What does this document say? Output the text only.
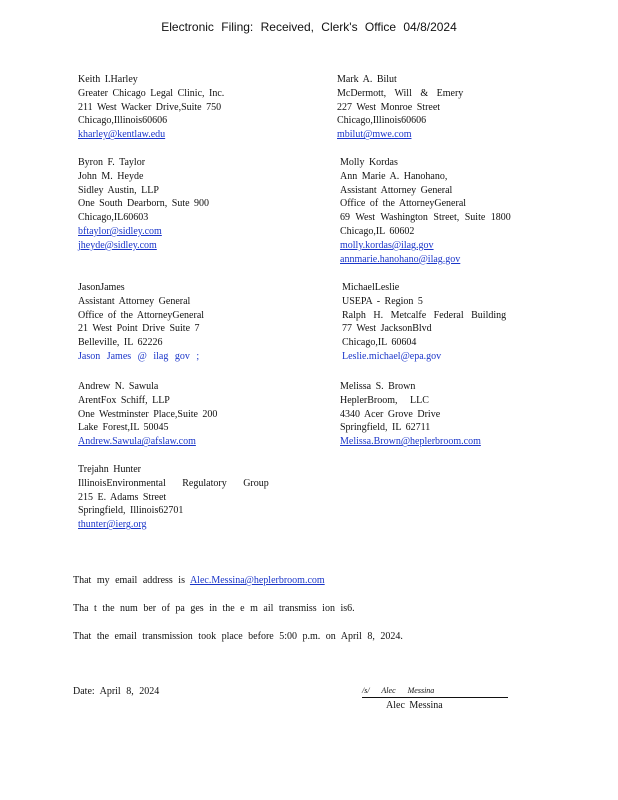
Electronic Filing: Received, Clerk's Office 04/8/2024
Keith I.Harley
Greater Chicago Legal Clinic, Inc.
211 West Wacker Drive,Suite 750
Chicago,Illinois60606
kharley@kentlaw.edu
Byron F. Taylor
John M. Heyde
Sidley Austin, LLP
One South Dearborn, Sute 900
Chicago,IL60603
bftaylor@sidley.com
jheyde@sidley.com
JasonJames
Assistant Attorney General
Office of the AttorneyGeneral
21 West Point Drive Suite 7
Belleville, IL 62226
Jason James @ ilag gov ;
Andrew N. Sawula
ArentFox Schiff, LLP
One Westminster Place,Suite 200
Lake Forest,IL 50045
Andrew.Sawula@afslaw.com
Trejahn Hunter
IllinoisEnvironmental Regulatory Group
215 E. Adams Street
Springfield, Illinois62701
thunter@ierg.org
Mark A. Bilut
McDermott, Will & Emery
227 West Monroe Street
Chicago,Illinois60606
mbilut@mwe.com
Molly Kordas
Ann Marie A. Hanohano,
Assistant Attorney General
Office of the AttorneyGeneral
69 West Washington Street, Suite 1800
Chicago,IL 60602
molly.kordas@ilag.gov
annmarie.hanohano@ilag.gov
MichaelLeslie
USEPA - Region 5
Ralph H. Metcalfe Federal Building
77 West JacksonBlvd
Chicago,IL 60604
Leslie.michael@epa.gov
Melissa S. Brown
HeplerBroom, LLC
4340 Acer Grove Drive
Springfield, IL 62711
Melissa.Brown@heplerbroom.com
That my email address is Alec.Messina@heplerbroom.com
Tha t the num ber of pa ges in the e m ail transmiss ion is6.
That the email transmission took place before 5:00 p.m. on April 8, 2024.
Date: April 8, 2024	/s/ Alec Messina
Alec Messina
